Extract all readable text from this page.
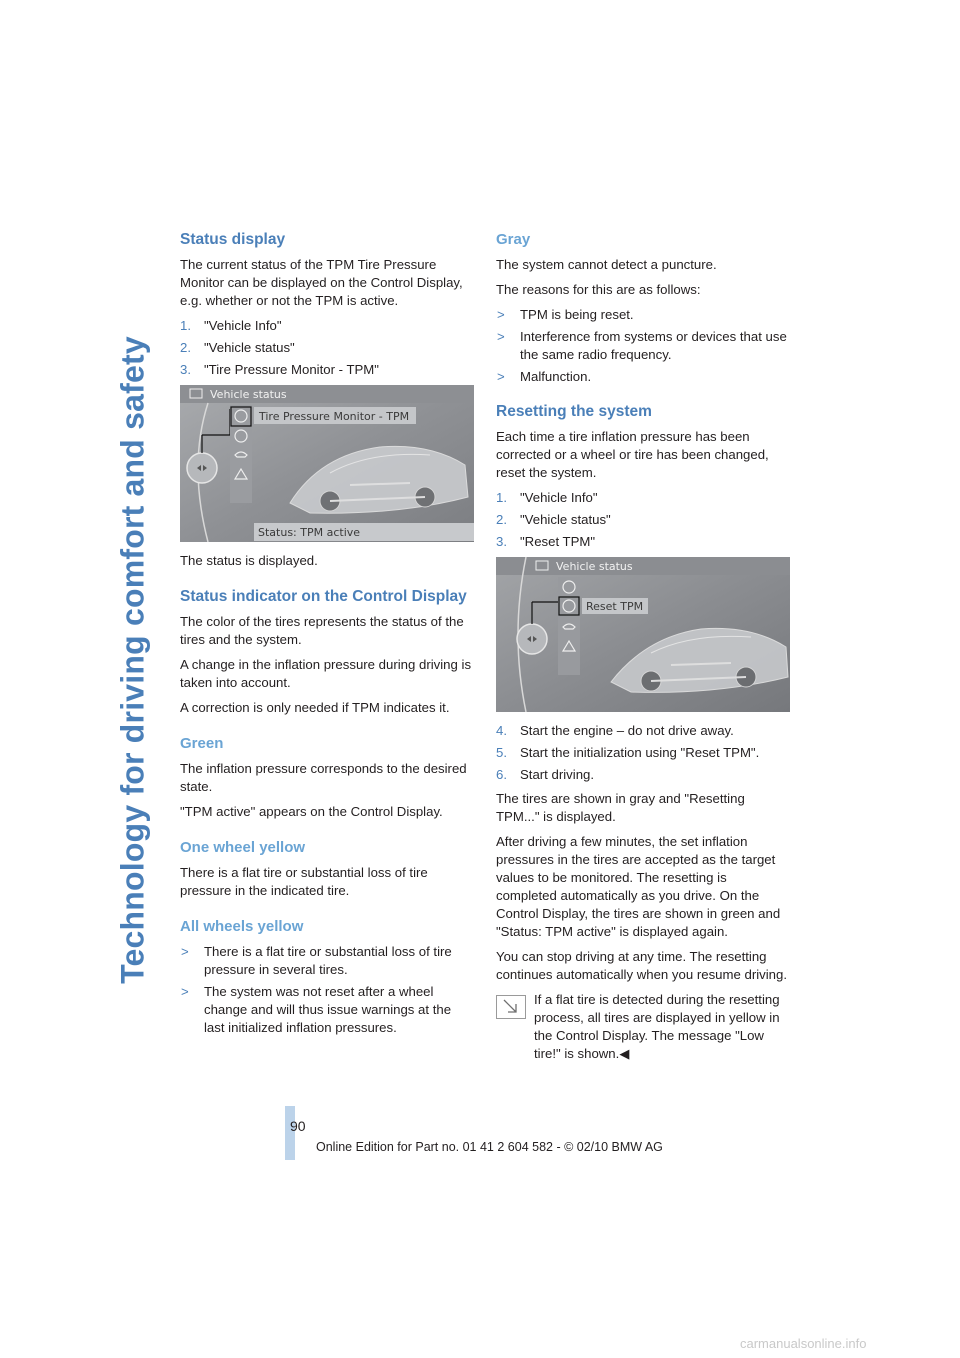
Technology for driving comfort and safety
Status display

The current status of the TPM Tire Pressure Monitor can be displayed on the Control Display, e.g. whether or not the TPM is active.

1. "Vehicle Info"
2. "Vehicle status"
3. "Tire Pressure Monitor - TPM"
Vehicle status
Tire Pressure Monitor - TPM
Status: TPM active

The status is displayed.

Status indicator on the Control Display

The color of the tires represents the status of the tires and the system.

A change in the inflation pressure during driving is taken into account.

A correction is only needed if TPM indicates it.

Green

The inflation pressure corresponds to the desired state.

"TPM active" appears on the Control Display.

One wheel yellow

There is a flat tire or substantial loss of tire pressure in the indicated tire.

All wheels yellow
> There is a flat tire or substantial loss of tire pressure in several tires.
> The system was not reset after a wheel change and will thus issue warnings at the last initialized inflation pressures.
Gray

The system cannot detect a puncture.

The reasons for this are as follows:

> TPM is being reset.
> Interference from systems or devices that use the same radio frequency.
> Malfunction.
Resetting the system

Each time a tire inflation pressure has been corrected or a wheel or tire has been changed, reset the system.

1. "Vehicle Info"
2. "Vehicle status"
3. "Reset TPM"
Vehicle status
Reset TPM
4. Start the engine – do not drive away.
5. Start the initialization using "Reset TPM".
6. Start driving.

The tires are shown in gray and "Resetting TPM..." is displayed.

After driving a few minutes, the set inflation pressures in the tires are accepted as the target values to be monitored. The resetting is completed automatically as you drive. On the Control Display, the tires are shown in green and "Status: TPM active" is displayed again.

You can stop driving at any time. The resetting continues automatically when you resume driving.

If a flat tire is detected during the resetting process, all tires are displayed in yellow in the Control Display. The message "Low tire!" is shown.◀

90
Online Edition for Part no. 01 41 2 604 582 - © 02/10 BMW AG
carmanualsonline.info
